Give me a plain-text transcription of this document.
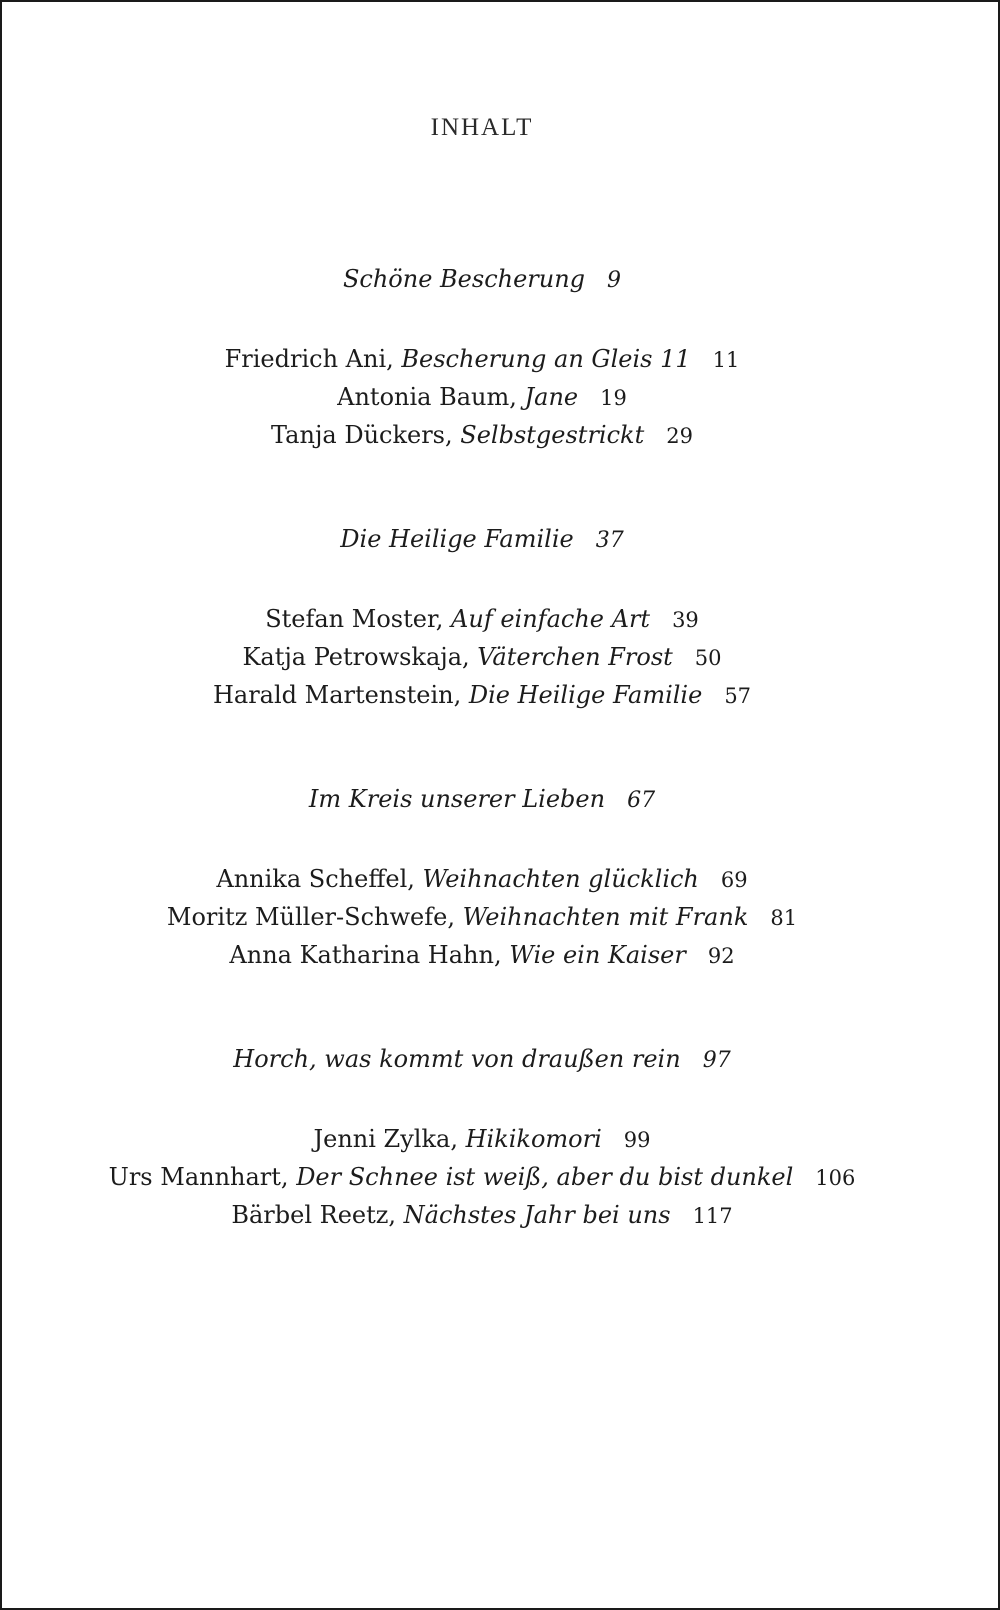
INHALT
Schöne Bescherung 9
Friedrich Ani, Bescherung an Gleis 11 11
Antonia Baum, Jane 19
Tanja Dückers, Selbstgestrickt 29
Die Heilige Familie 37
Stefan Moster, Auf einfache Art 39
Katja Petrowskaja, Väterchen Frost 50
Harald Martenstein, Die Heilige Familie 57
Im Kreis unserer Lieben 67
Annika Scheffel, Weihnachten glücklich 69
Moritz Müller-Schwefe, Weihnachten mit Frank 81
Anna Katharina Hahn, Wie ein Kaiser 92
Horch, was kommt von draußen rein 97
Jenni Zylka, Hikikomori 99
Urs Mannhart, Der Schnee ist weiß, aber du bist dunkel 106
Bärbel Reetz, Nächstes Jahr bei uns 117
